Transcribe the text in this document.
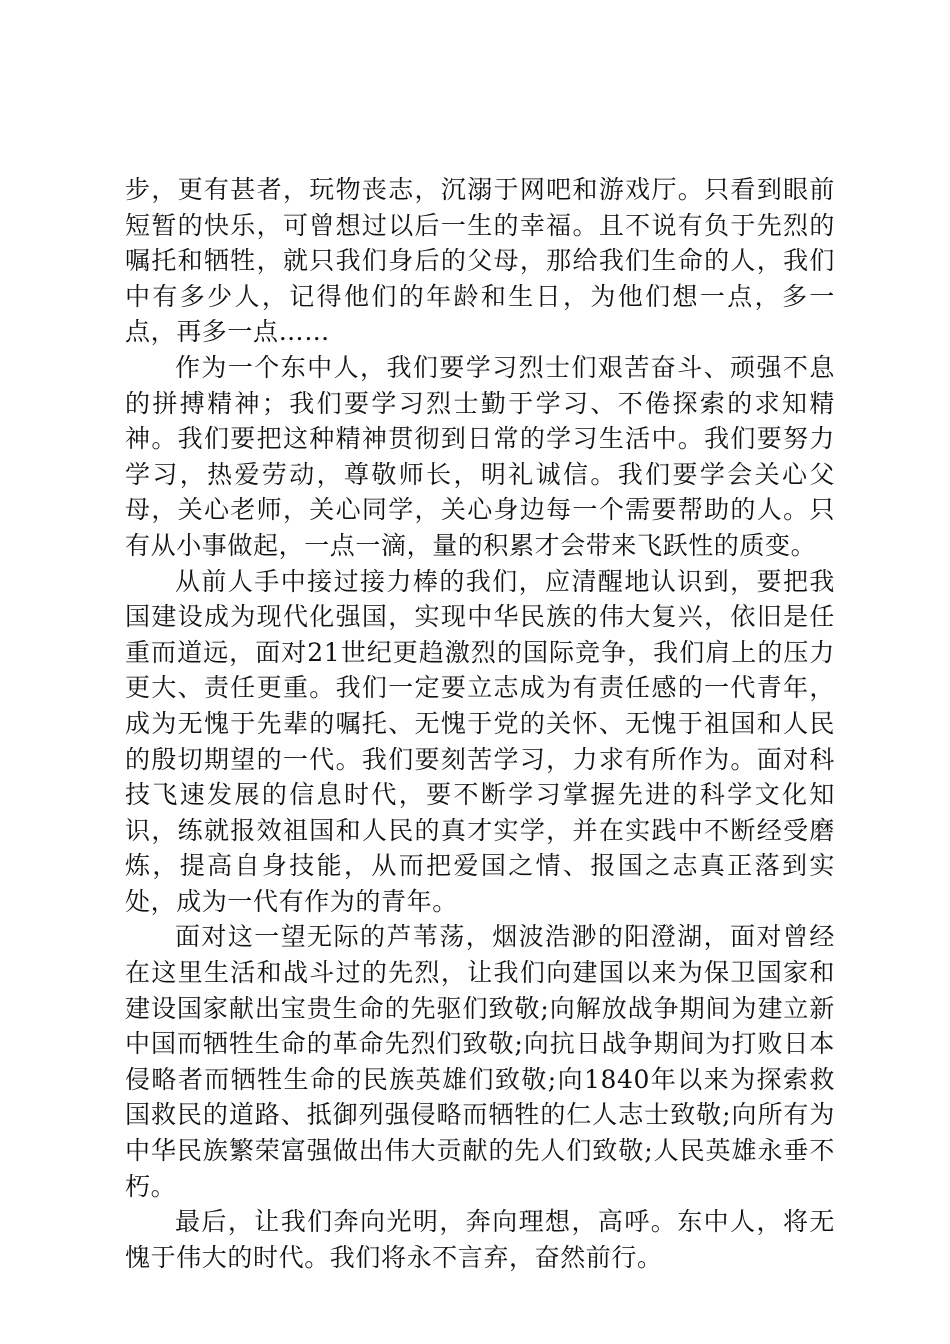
步，更有甚者，玩物丧志，沉溺于网吧和游戏厅。只看到眼前短暂的快乐，可曾想过以后一生的幸福。且不说有负于先烈的嘱托和牺牲，就只我们身后的父母，那给我们生命的人，我们中有多少人，记得他们的年龄和生日，为他们想一点，多一点，再多一点……

作为一个东中人，我们要学习烈士们艰苦奋斗、顽强不息的拼搏精神；我们要学习烈士勤于学习、不倦探索的求知精神。我们要把这种精神贯彻到日常的学习生活中。我们要努力学习，热爱劳动，尊敬师长，明礼诚信。我们要学会关心父母，关心老师，关心同学，关心身边每一个需要帮助的人。只有从小事做起，一点一滴，量的积累才会带来飞跃性的质变。

从前人手中接过接力棒的我们，应清醒地认识到，要把我国建设成为现代化强国，实现中华民族的伟大复兴，依旧是任重而道远，面对21世纪更趋激烈的国际竞争，我们肩上的压力更大、责任更重。我们一定要立志成为有责任感的一代青年，成为无愧于先辈的嘱托、无愧于党的关怀、无愧于祖国和人民的殷切期望的一代。我们要刻苦学习，力求有所作为。面对科技飞速发展的信息时代，要不断学习掌握先进的科学文化知识，练就报效祖国和人民的真才实学，并在实践中不断经受磨炼，提高自身技能，从而把爱国之情、报国之志真正落到实处，成为一代有作为的青年。

面对这一望无际的芦苇荡，烟波浩渺的阳澄湖，面对曾经在这里生活和战斗过的先烈，让我们向建国以来为保卫国家和建设国家献出宝贵生命的先驱们致敬;向解放战争期间为建立新中国而牺牲生命的革命先烈们致敬;向抗日战争期间为打败日本侵略者而牺牲生命的民族英雄们致敬;向1840年以来为探索救国救民的道路、抵御列强侵略而牺牲的仁人志士致敬;向所有为中华民族繁荣富强做出伟大贡献的先人们致敬;人民英雄永垂不朽。

最后，让我们奔向光明，奔向理想，高呼。东中人，将无愧于伟大的时代。我们将永不言弃，奋然前行。
